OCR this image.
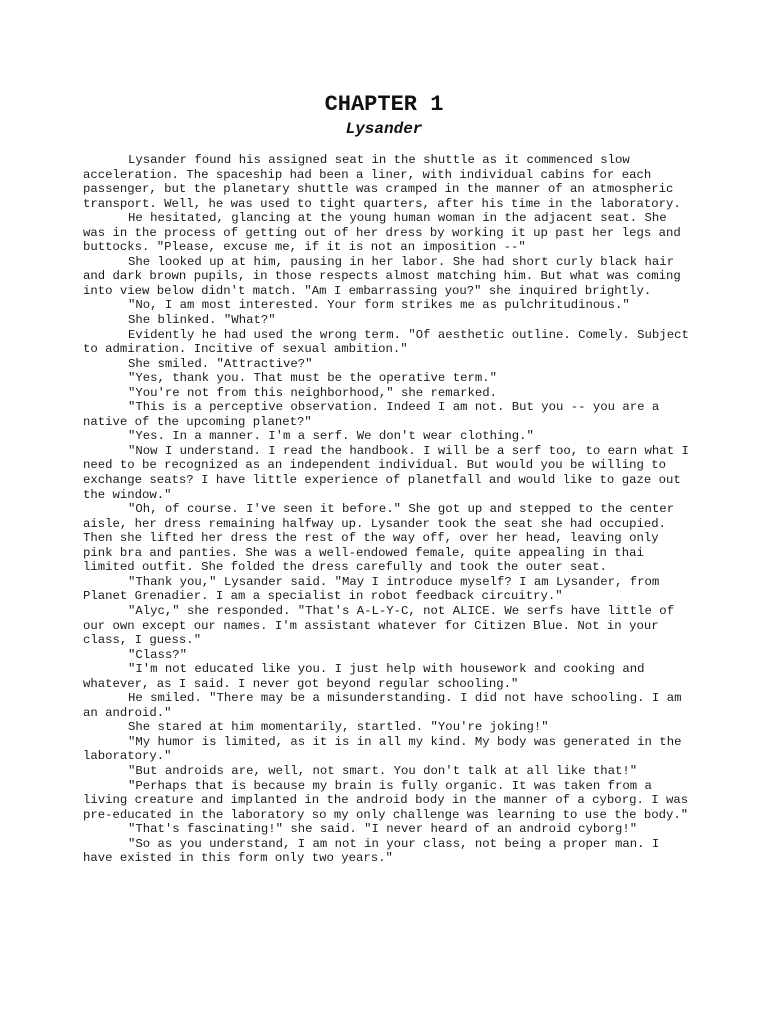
CHAPTER 1
Lysander

Lysander found his assigned seat in the shuttle as it commenced slow acceleration. The spaceship had been a liner, with individual cabins for each passenger, but the planetary shuttle was cramped in the manner of an atmospheric transport. Well, he was used to tight quarters, after his time in the laboratory.

He hesitated, glancing at the young human woman in the adjacent seat. She was in the process of getting out of her dress by working it up past her legs and buttocks. "Please, excuse me, if it is not an imposition --"

She looked up at him, pausing in her labor. She had short curly black hair and dark brown pupils, in those respects almost matching him. But what was coming into view below didn't match. "Am I embarrassing you?" she inquired brightly.

"No, I am most interested. Your form strikes me as pulchritudinous."

She blinked. "What?"

Evidently he had used the wrong term. "Of aesthetic outline. Comely. Subject to admiration. Incitive of sexual ambition."

She smiled. "Attractive?"

"Yes, thank you. That must be the operative term."

"You're not from this neighborhood," she remarked.

"This is a perceptive observation. Indeed I am not. But you -- you are a native of the upcoming planet?"

"Yes. In a manner. I'm a serf. We don't wear clothing."

"Now I understand. I read the handbook. I will be a serf too, to earn what I need to be recognized as an independent individual. But would you be willing to exchange seats? I have little experience of planetfall and would like to gaze out the window."

"Oh, of course. I've seen it before." She got up and stepped to the center aisle, her dress remaining halfway up. Lysander took the seat she had occupied. Then she lifted her dress the rest of the way off, over her head, leaving only pink bra and panties. She was a well-endowed female, quite appealing in thai limited outfit. She folded the dress carefully and took the outer seat.

"Thank you," Lysander said. "May I introduce myself? I am Lysander, from Planet Grenadier. I am a specialist in robot feedback circuitry."

"Alyc," she responded. "That's A-L-Y-C, not ALICE. We serfs have little of our own except our names. I'm assistant whatever for Citizen Blue. Not in your class, I guess."

"Class?"

"I'm not educated like you. I just help with housework and cooking and whatever, as I said. I never got beyond regular schooling."

He smiled. "There may be a misunderstanding. I did not have schooling. I am an android."

She stared at him momentarily, startled. "You're joking!"

"My humor is limited, as it is in all my kind. My body was generated in the laboratory."

"But androids are, well, not smart. You don't talk at all like that!"

"Perhaps that is because my brain is fully organic. It was taken from a living creature and implanted in the android body in the manner of a cyborg. I was pre-educated in the laboratory so my only challenge was learning to use the body."

"That's fascinating!" she said. "I never heard of an android cyborg!"

"So as you understand, I am not in your class, not being a proper man. I have existed in this form only two years."
